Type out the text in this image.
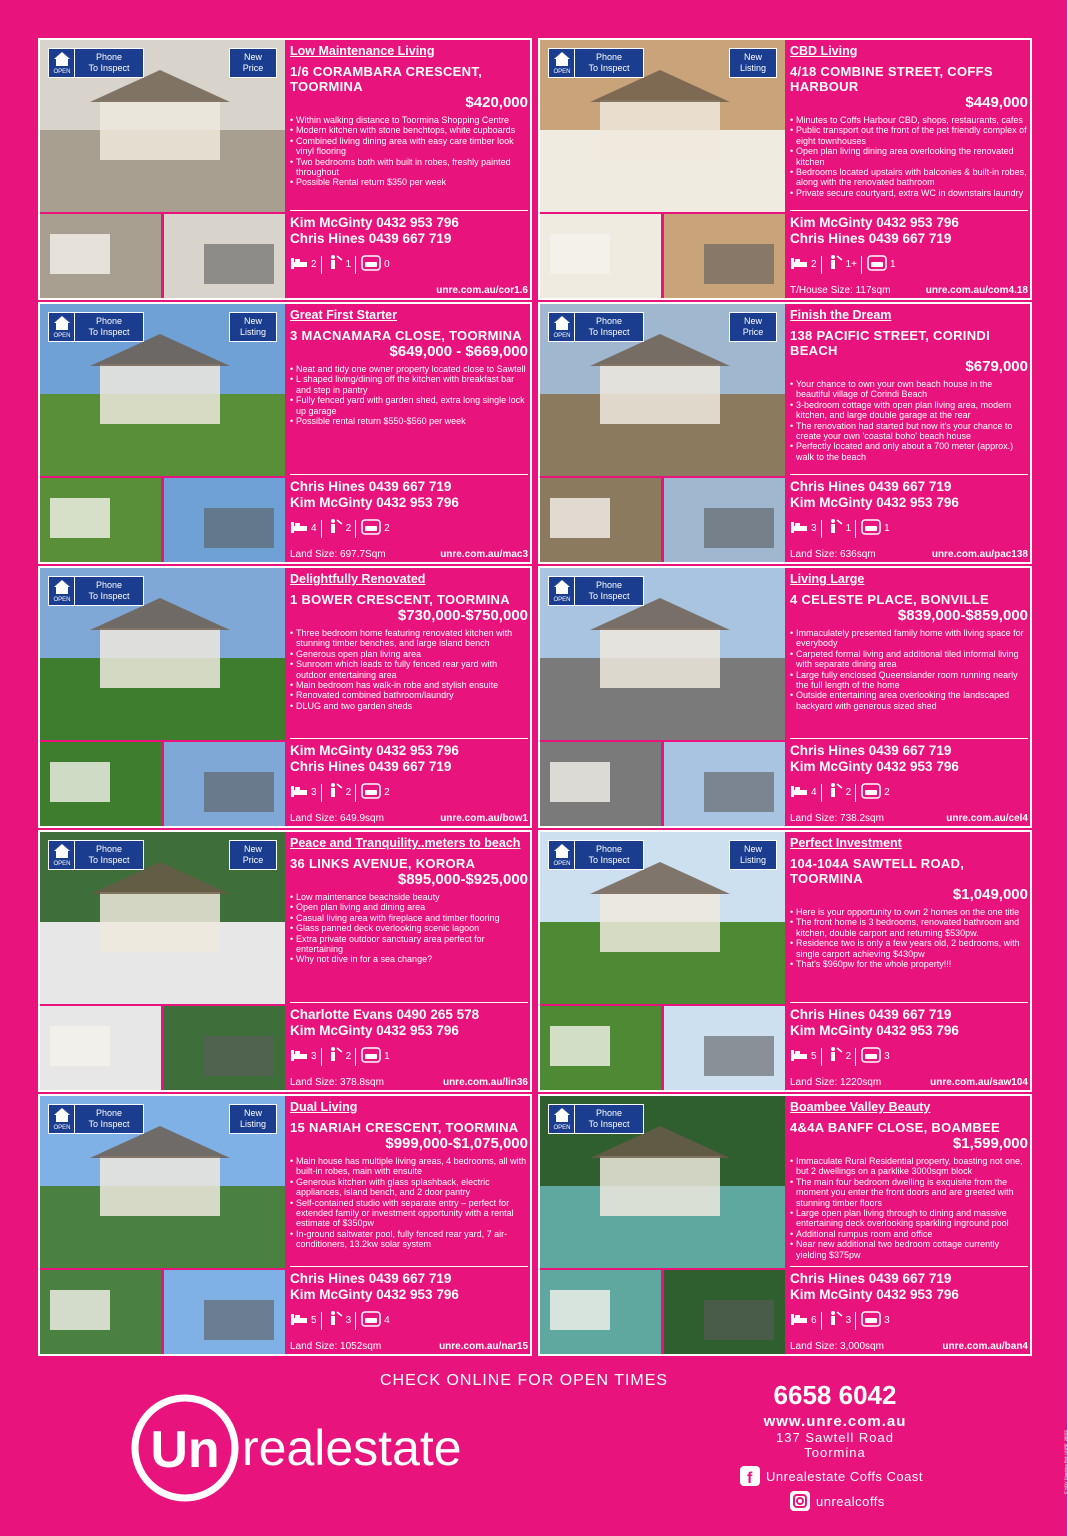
OPEN
Phone
To Inspect
New
Price
Low Maintenance Living
1/6 CORAMBARA CRESCENT, TOORMINA
$420,000
• Within walking distance to Toormina Shopping Centre
• Modern kitchen with stone benchtops, white cupboards
• Combined living dining area with easy care timber look vinyl flooring
• Two bedrooms both with built in robes, freshly painted throughout
• Possible Rental return $350 per week
Kim McGinty 0432 953 796
Chris Hines 0439 667 719
2	1	0
unre.com.au/cor1.6
OPEN
Phone
To Inspect
New
Listing
CBD Living
4/18 COMBINE STREET, COFFS HARBOUR
$449,000
• Minutes to Coffs Harbour CBD, shops, restaurants, cafes
• Public transport out the front of the pet friendly complex of eight townhouses
• Open plan living dining area overlooking the renovated kitchen
• Bedrooms located upstairs with balconies & built-in robes, along with the renovated bathroom
• Private secure courtyard, extra WC in downstairs laundry
Kim McGinty 0432 953 796
Chris Hines 0439 667 719
2	1+	1
T/House Size: 117sqm	unre.com.au/com4.18
OPEN
Phone
To Inspect
New
Listing
Great First Starter
3 MACNAMARA CLOSE, TOORMINA
$649,000 - $669,000
• Neat and tidy one owner property located close to Sawtell
• L shaped living/dining off the kitchen with breakfast bar and step in pantry
• Fully fenced yard with garden shed, extra long single lock up garage
• Possible rental return $550-$560 per week
Chris Hines 0439 667 719
Kim McGinty 0432 953 796
4	2	2
Land Size: 697.7Sqm	unre.com.au/mac3
OPEN
Phone
To Inspect
New
Price
Finish the Dream
138 PACIFIC STREET, CORINDI BEACH
$679,000
• Your chance to own your own beach house in the beautiful village of Corindi Beach
• 3-bedroom cottage with open plan living area, modern kitchen, and large double garage at the rear
• The renovation had started but now it's your chance to create your own 'coastal boho' beach house
• Perfectly located and only about a 700 meter (approx.) walk to the beach
Chris Hines 0439 667 719
Kim McGinty 0432 953 796
3	1	1
Land Size: 636sqm	unre.com.au/pac138
OPEN
Phone
To Inspect
Delightfully Renovated
1 BOWER CRESCENT, TOORMINA
$730,000-$750,000
• Three bedroom home featuring renovated kitchen with stunning timber benches, and large island bench
• Generous open plan living area
• Sunroom which leads to fully fenced rear yard with outdoor entertaining area
• Main bedroom has walk-in robe and stylish ensuite
• Renovated combined bathroom/laundry
• DLUG and two garden sheds
Kim McGinty 0432 953 796
Chris Hines 0439 667 719
3	2	2
Land Size: 649.9sqm	unre.com.au/bow1
OPEN
Phone
To Inspect
Living Large
4 CELESTE PLACE, BONVILLE
$839,000-$859,000
• Immaculately presented family home with living space for everybody
• Carpeted formal living and additional tiled informal living with separate dining area
• Large fully enclosed Queenslander room running nearly the full length of the home
• Outside entertaining area overlooking the landscaped backyard with generous sized shed
Chris Hines 0439 667 719
Kim McGinty 0432 953 796
4	2	2
Land Size: 738.2sqm	unre.com.au/cel4
OPEN
Phone
To Inspect
New
Price
Peace and Tranquility..meters to beach
36 LINKS AVENUE, KORORA
$895,000-$925,000
• Low maintenance beachside beauty
• Open plan living and dining area
• Casual living area with fireplace and timber flooring
• Glass panned deck overlooking scenic lagoon
• Extra private outdoor sanctuary area perfect for entertaining
• Why not dive in for a sea change?
Charlotte Evans 0490 265 578
Kim McGinty 0432 953 796
3	2	1
Land Size: 378.8sqm	unre.com.au/lin36
OPEN
Phone
To Inspect
New
Listing
Perfect Investment
104-104A SAWTELL ROAD, TOORMINA
$1,049,000
• Here is your opportunity to own 2 homes on the one title
• The front home is 3 bedrooms, renovated bathroom and kitchen, double carport and returning $530pw.
• Residence two is only a few years old, 2 bedrooms, with single carport achieving $430pw
• That's $960pw for the whole property!!!
Chris Hines 0439 667 719
Kim McGinty 0432 953 796
5	2	3
Land Size: 1220sqm	unre.com.au/saw104
OPEN
Phone
To Inspect
New
Listing
Dual Living
15 NARIAH CRESCENT, TOORMINA
$999,000-$1,075,000
• Main house has multiple living areas, 4 bedrooms, all with built-in robes, main with ensuite
• Generous kitchen with glass splashback, electric appliances, island bench, and 2 door pantry
• Self-contained studio with separate entry – perfect for extended family or investment opportunity with a rental estimate of $350pw
• In-ground saltwater pool, fully fenced rear yard, 7 air-conditioners, 13.2kw solar system
Chris Hines 0439 667 719
Kim McGinty 0432 953 796
5	3	4
Land Size: 1052sqm	unre.com.au/nar15
OPEN
Phone
To Inspect
Boambee Valley Beauty
4&4A BANFF CLOSE, BOAMBEE
$1,599,000
• Immaculate Rural Residential property, boasting not one, but 2 dwellings on a parklike 3000sqm block
• The main four bedroom dwelling is exquisite from the moment you enter the front doors and are greeted with stunning timber floors
• Large open plan living through to dining and massive entertaining deck overlooking sparkling inground pool
• Additional rumpus room and office
• Near new additional two bedroom cottage currently yielding $375pw
Chris Hines 0439 667 719
Kim McGinty 0432 953 796
6	3	3
Land Size: 3,000sqm	unre.com.au/ban4
CHECK ONLINE FOR OPEN TIMES
Un realestate
6658 6042
www.unre.com.au
137 Sawtell Road
Toormina
f Unrealestate Coffs Coast
unrealcoffs
© NOV Graphics Ref: UNRE_28022
